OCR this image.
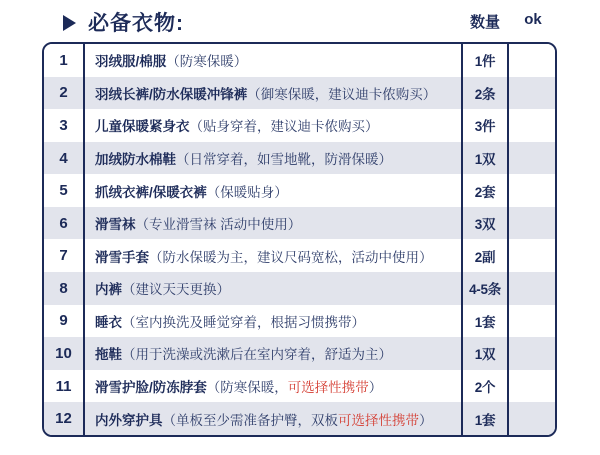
必备衣物:	数量	ok
1	羽绒服/棉服 （防寒保暖）	1件
2	羽绒长裤/防水保暖冲锋裤 （御寒保暖，建议迪卡侬购买）	2条
3	儿童保暖紧身衣 （贴身穿着，建议迪卡侬购买）	3件
4	加绒防水棉鞋 （日常穿着，如雪地靴，防滑保暖）	1双
5	抓绒衣裤/保暖衣裤 （保暖贴身）	2套
6	滑雪袜 （专业滑雪袜 活动中使用）	3双
7	滑雪手套 （防水保暖为主，建议尺码宽松，活动中使用）	2副
8	内裤 （建议天天更换）	4-5条
9	睡衣 （室内换洗及睡觉穿着，根据习惯携带）	1套
10	拖鞋 （用于洗澡或洗漱后在室内穿着，舒适为主）	1双
11	滑雪护脸/防冻脖套 （防寒保暖， 可选择性携带 ）	2个
12	内外穿护具 （单板至少需准备护臀，双板 可选择性携带 ）	1套
